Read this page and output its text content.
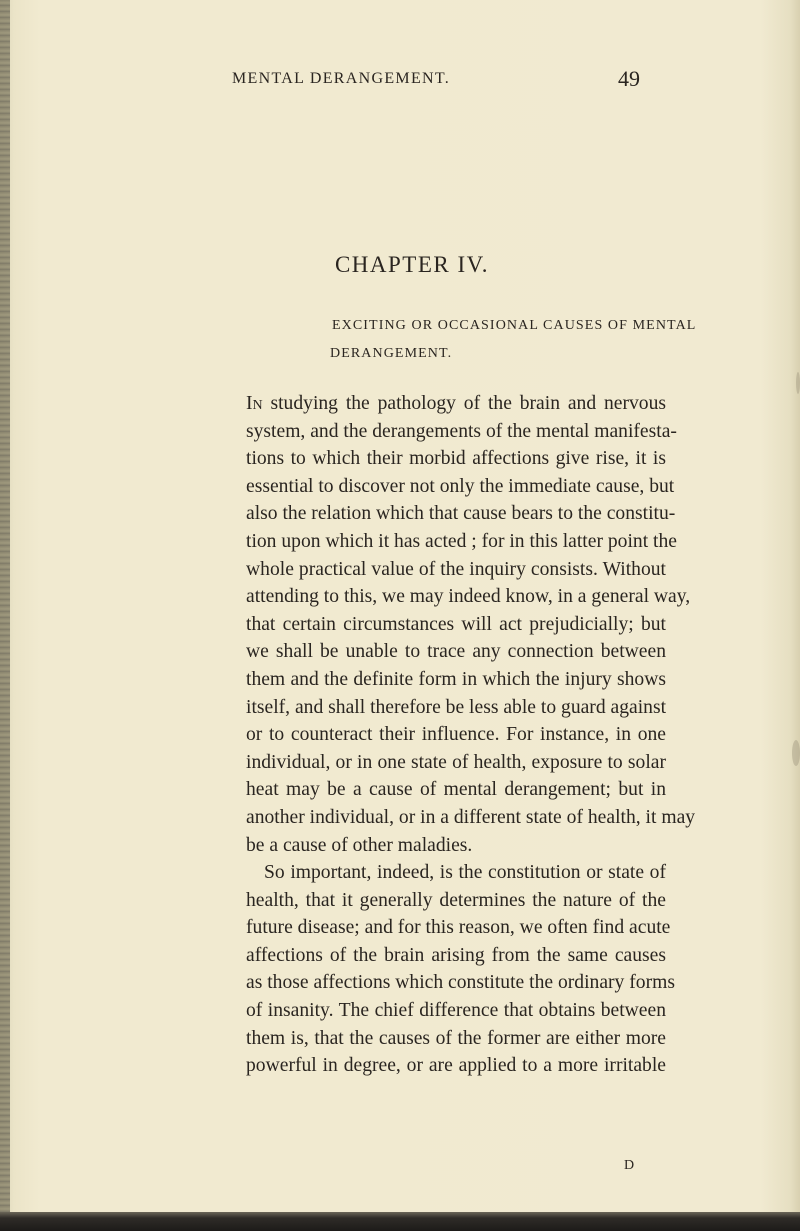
MENTAL DERANGEMENT.	49
CHAPTER IV.
EXCITING OR OCCASIONAL CAUSES OF MENTAL
DERANGEMENT.
In studying the pathology of the brain and nervous
system, and the derangements of the mental manifesta-
tions to which their morbid affections give rise, it is
essential to discover not only the immediate cause, but
also the relation which that cause bears to the constitu-
tion upon which it has acted ; for in this latter point the
whole practical value of the inquiry consists. Without
attending to this, we may indeed know, in a general way,
that certain circumstances will act prejudicially; but
we shall be unable to trace any connection between
them and the definite form in which the injury shows
itself, and shall therefore be less able to guard against
or to counteract their influence. For instance, in one
individual, or in one state of health, exposure to solar
heat may be a cause of mental derangement; but in
another individual, or in a different state of health, it may
be a cause of other maladies.
So important, indeed, is the constitution or state of
health, that it generally determines the nature of the
future disease; and for this reason, we often find acute
affections of the brain arising from the same causes
as those affections which constitute the ordinary forms
of insanity. The chief difference that obtains between
them is, that the causes of the former are either more
powerful in degree, or are applied to a more irritable
D
